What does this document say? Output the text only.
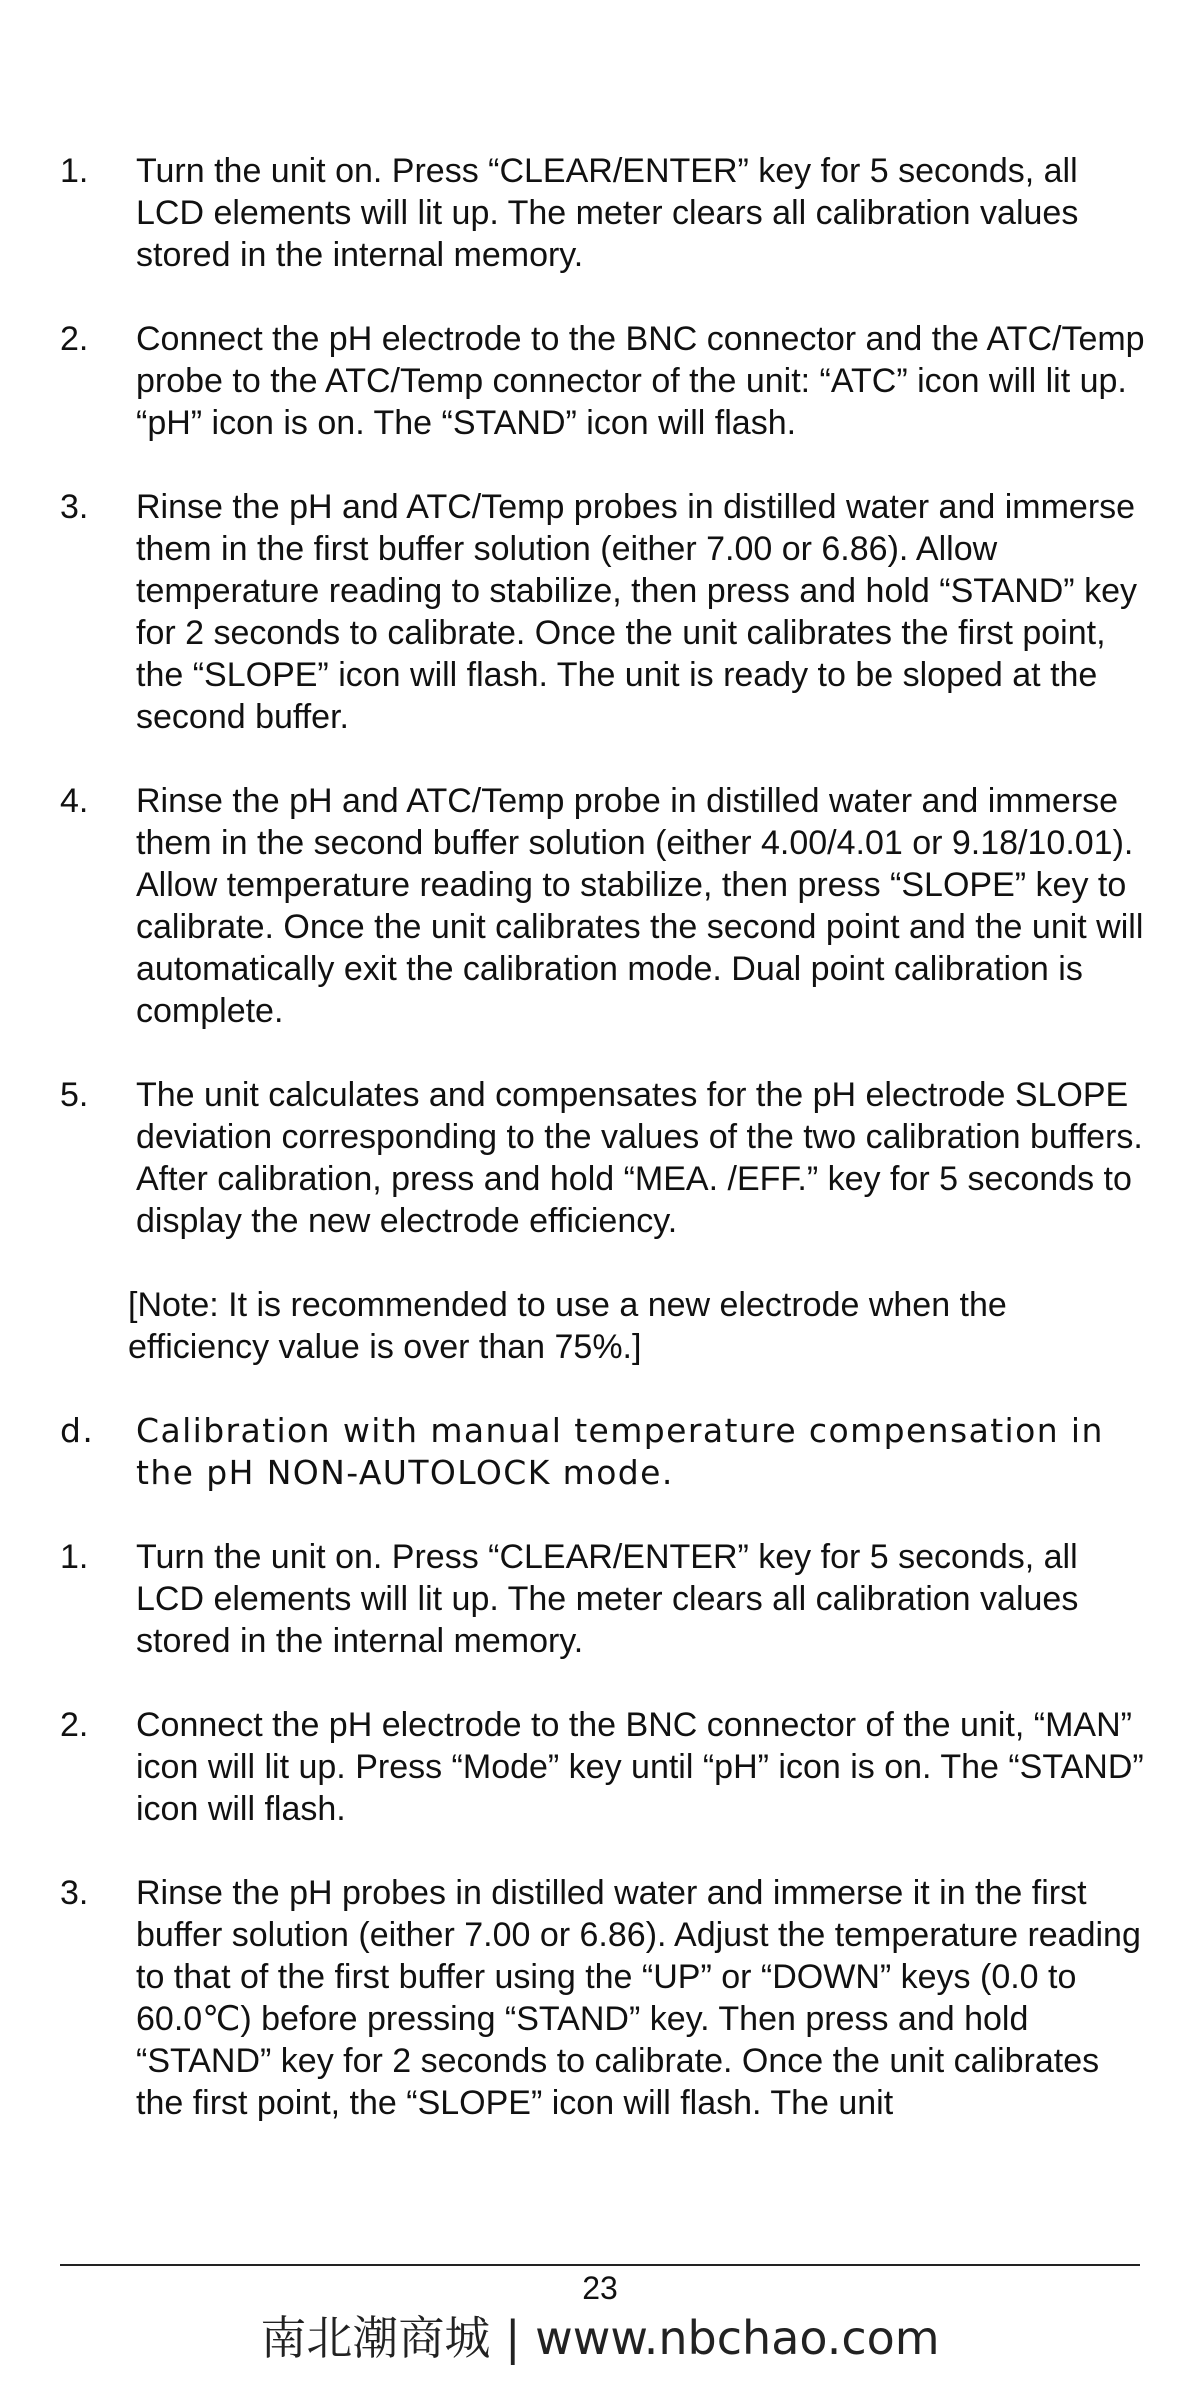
1.	Turn the unit on. Press “CLEAR/ENTER” key for 5 seconds, all LCD elements will lit up. The meter clears all calibration values stored in the internal memory.
2.	Connect the pH electrode to the BNC connector and the ATC/Temp probe to the ATC/Temp connector of the unit: “ATC” icon will lit up. “pH” icon is on. The “STAND” icon will flash.
3.	Rinse the pH and ATC/Temp probes in distilled water and immerse them in the first buffer solution (either 7.00 or 6.86). Allow temperature reading to stabilize, then press and hold “STAND” key for 2 seconds to calibrate. Once the unit calibrates the first point, the “SLOPE” icon will flash. The unit is ready to be sloped at the second buffer.
4.	Rinse the pH and ATC/Temp probe in distilled water and immerse them in the second buffer solution (either 4.00/4.01 or 9.18/10.01). Allow temperature reading to stabilize, then press “SLOPE” key to calibrate. Once the unit calibrates the second point and the unit will automatically exit the calibration mode. Dual point calibration is complete.
5.	The unit calculates and compensates for the pH electrode SLOPE deviation corresponding to the values of the two calibration buffers. After calibration, press and hold “MEA. /EFF.” key for 5 seconds to display the new electrode efficiency.
[Note: It is recommended to use a new electrode when the efficiency value is over than 75%.]
d.	Calibration with manual temperature compensation in the pH NON-AUTOLOCK mode.
1.	Turn the unit on. Press “CLEAR/ENTER” key for 5 seconds, all LCD elements will lit up. The meter clears all calibration values stored in the internal memory.
2.	Connect the pH electrode to the BNC connector of the unit, “MAN” icon will lit up. Press “Mode” key until “pH” icon is on. The “STAND” icon will flash.
3.	Rinse the pH probes in distilled water and immerse it in the first buffer solution (either 7.00 or 6.86). Adjust the temperature reading to that of the first buffer using the “UP” or “DOWN” keys (0.0 to 60.0℃) before pressing “STAND” key. Then press and hold “STAND” key for 2 seconds to calibrate. Once the unit calibrates the first point, the “SLOPE” icon will flash. The unit
23
南北潮商城 | www.nbchao.com
